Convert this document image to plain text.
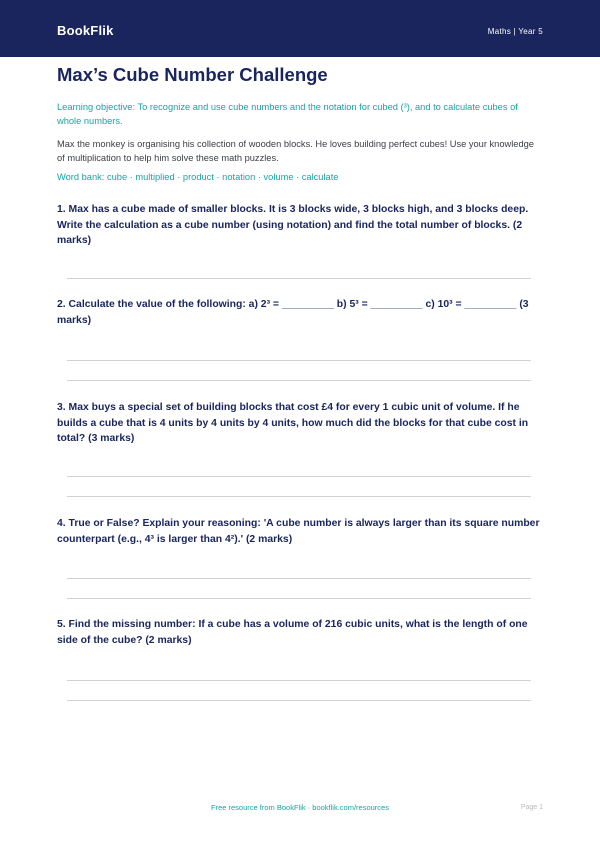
BookFlik	Maths | Year 5
Max’s Cube Number Challenge

Learning objective: To recognize and use cube numbers and the notation for cubed (³), and to calculate cubes of whole numbers.

Max the monkey is organising his collection of wooden blocks. He loves building perfect cubes! Use your knowledge of multiplication to help him solve these math puzzles.

Word bank: cube · multiplied · product · notation · volume · calculate

1. Max has a cube made of smaller blocks. It is 3 blocks wide, 3 blocks high, and 3 blocks deep. Write the calculation as a cube number (using notation) and find the total number of blocks. (2 marks)

2. Calculate the value of the following: a) 2³ = _________ b) 5³ = _________ c) 10³ = _________ (3 marks)

3. Max buys a special set of building blocks that cost £4 for every 1 cubic unit of volume. If he builds a cube that is 4 units by 4 units by 4 units, how much did the blocks for that cube cost in total? (3 marks)

4. True or False? Explain your reasoning: 'A cube number is always larger than its square number counterpart (e.g., 4³ is larger than 4²).' (2 marks)

5. Find the missing number: If a cube has a volume of 216 cubic units, what is the length of one side of the cube? (2 marks)

Free resource from BookFlik · bookflik.com/resources	Page 1
